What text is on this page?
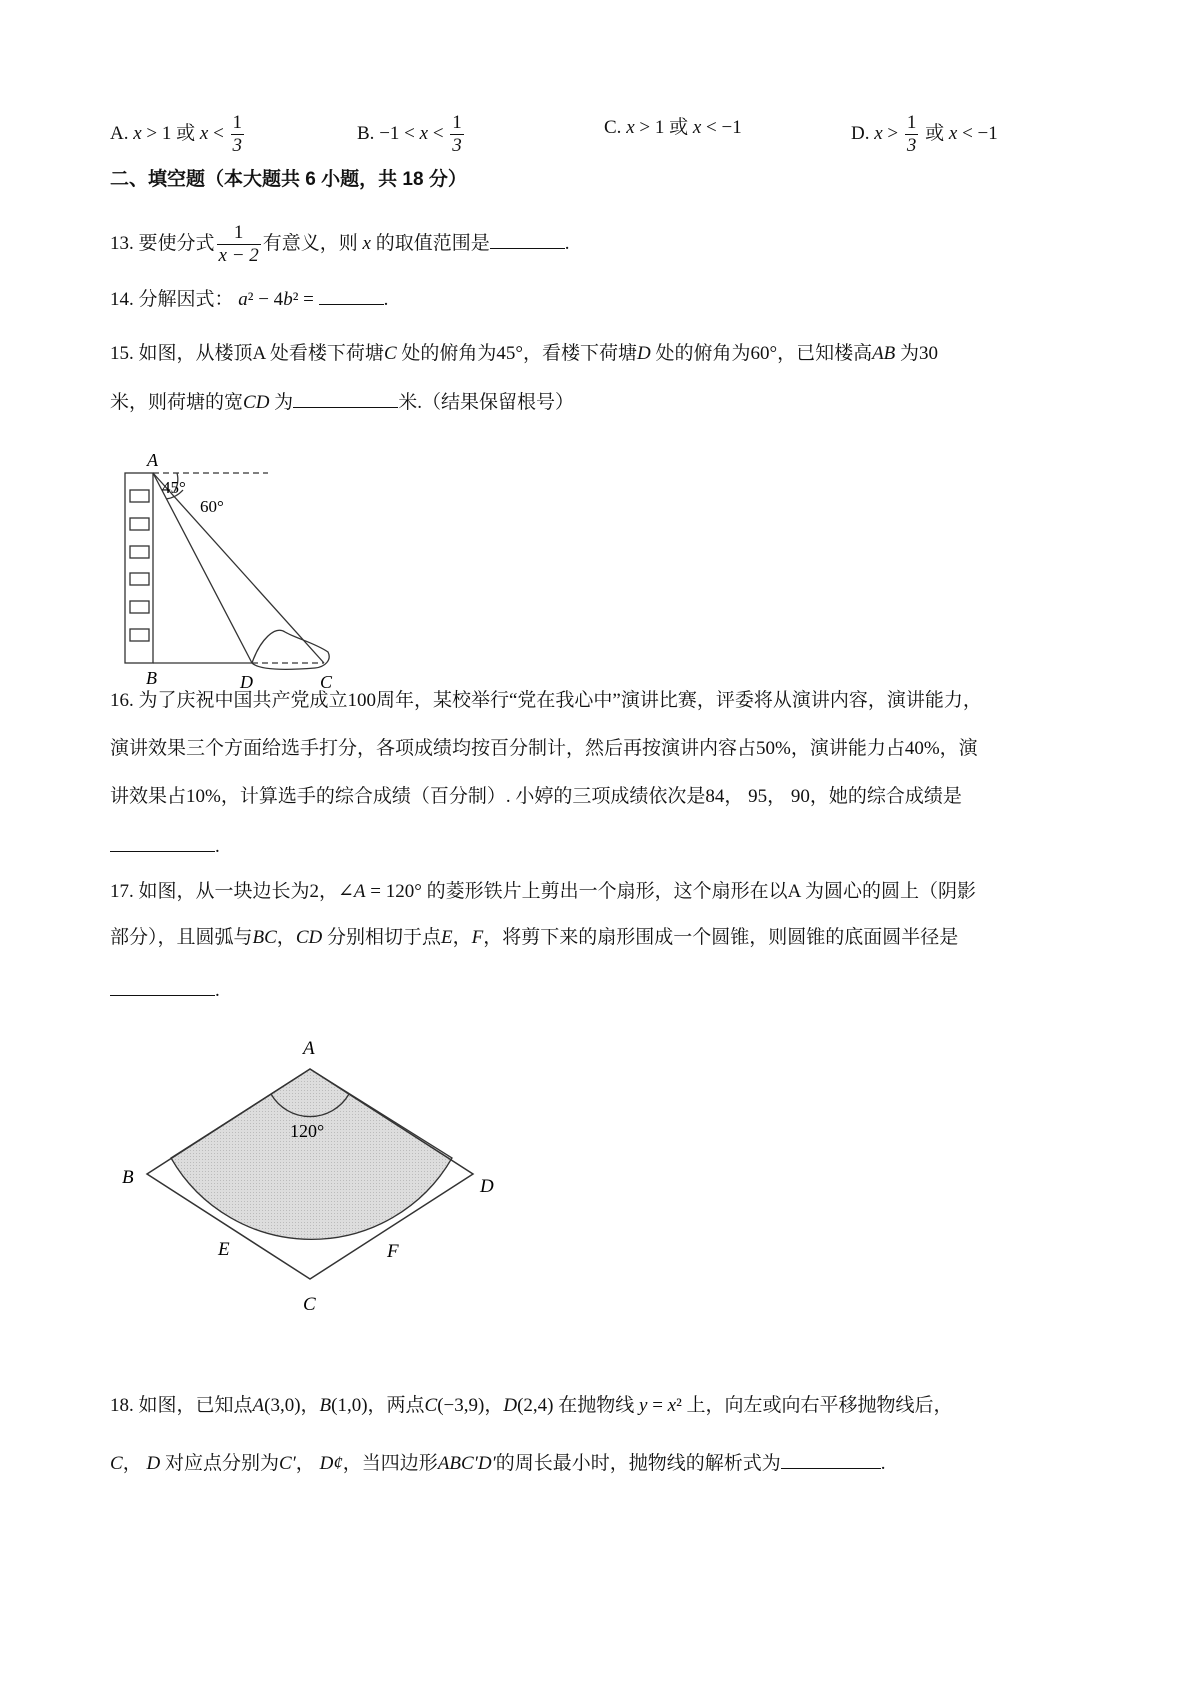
A. x > 1 或 $x < \frac{1}{3}$	B. $-1 < x < \frac{1}{3}$	C. x > 1 或 x < −1	D. $x > \frac{1}{3}$ 或 x < −1
二、填空题（本大题共 6 小题，共 18 分）
13. 要使分式 $\frac{1}{x - 2}$ 有意义，则 x 的取值范围是	.
14. 分解因式： a² − 4b² =	.
15. 如图，从楼顶A 处看楼下荷塘C 处的俯角为45°，看楼下荷塘D 处的俯角为60°，已知楼高AB 为30
米，则荷塘的宽CD 为	米.（结果保留根号）
16. 为了庆祝中国共产党成立100周年，某校举行“党在我心中”演讲比赛，评委将从演讲内容，演讲能力，
演讲效果三个方面给选手打分，各项成绩均按百分制计，然后再按演讲内容占50%，演讲能力占40%，演
讲效果占10%，计算选手的综合成绩（百分制）. 小婷的三项成绩依次是84， 95， 90，她的综合成绩是
.
17. 如图，从一块边长为2，∠A = 120° 的菱形铁片上剪出一个扇形，这个扇形在以A 为圆心的圆上（阴影
部分），且圆弧与BC，CD 分别相切于点E，F，将剪下来的扇形围成一个圆锥，则圆锥的底面圆半径是
.
18. 如图，已知点A(3,0)，B(1,0)，两点C(−3,9)，D(2,4) 在抛物线 y = x² 上，向左或向右平移抛物线后，
C， D 对应点分别为C′， D¢，当四边形ABC′D′的周长最小时，抛物线的解析式为	.
A
45°
60°
B	D	C
120°
A
B	D
C
E	F
